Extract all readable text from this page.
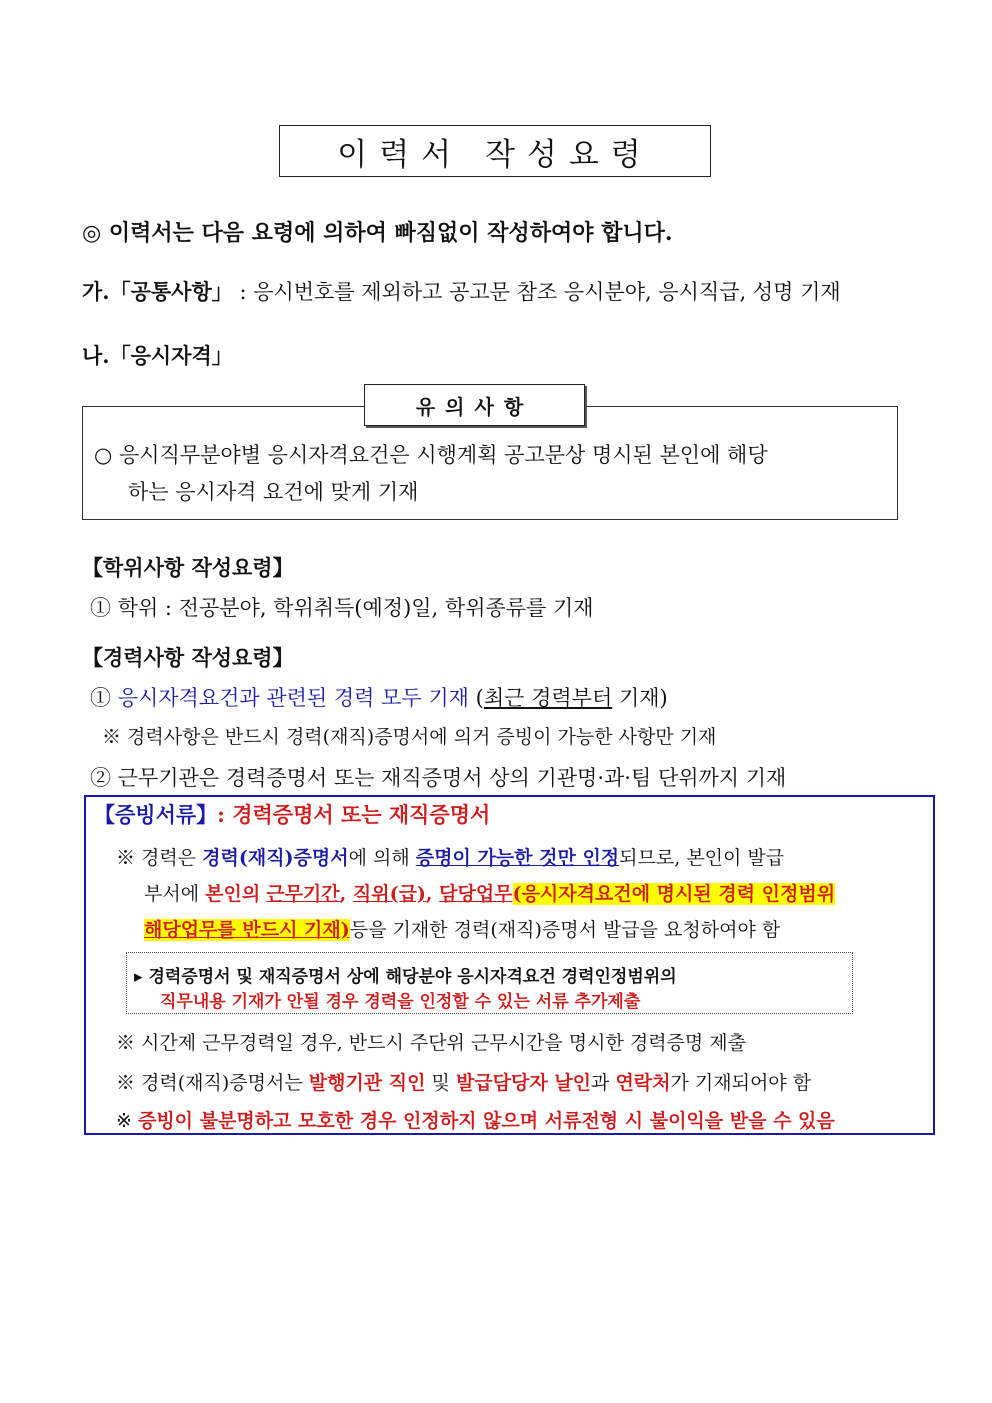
이력서 작성요령
◎ 이력서는 다음 요령에 의하여 빠짐없이 작성하여야 합니다.
가.「공통사항」 : 응시번호를 제외하고 공고문 참조 응시분야, 응시직급, 성명 기재
나.「응시자격」
유의사항
○ 응시직무분야별 응시자격요건은 시행계획 공고문상 명시된 본인에 해당
하는 응시자격 요건에 맞게 기재
【학위사항 작성요령】
① 학위 : 전공분야, 학위취득(예정)일, 학위종류를 기재
【경력사항 작성요령】
① 응시자격요건과 관련된 경력 모두 기재 (최근 경력부터 기재)
※ 경력사항은 반드시 경력(재직)증명서에 의거 증빙이 가능한 사항만 기재
② 근무기관은 경력증명서 또는 재직증명서 상의 기관명·과·팀 단위까지 기재
【증빙서류】: 경력증명서 또는 재직증명서
※ 경력은 경력(재직)증명서에 의해 증명이 가능한 것만 인정되므로, 본인이 발급
부서에 본인의 근무기간, 직위(급), 담당업무(응시자격요건에 명시된 경력 인정범위
해당업무를 반드시 기재)등을 기재한 경력(재직)증명서 발급을 요청하여야 함
▸ 경력증명서 및 재직증명서 상에 해당분야 응시자격요건 경력인정범위의
직무내용 기재가 안될 경우 경력을 인정할 수 있는 서류 추가제출
※ 시간제 근무경력일 경우, 반드시 주단위 근무시간을 명시한 경력증명 제출
※ 경력(재직)증명서는 발행기관 직인 및 발급담당자 날인과 연락처가 기재되어야 함
※ 증빙이 불분명하고 모호한 경우 인정하지 않으며 서류전형 시 불이익을 받을 수 있음
